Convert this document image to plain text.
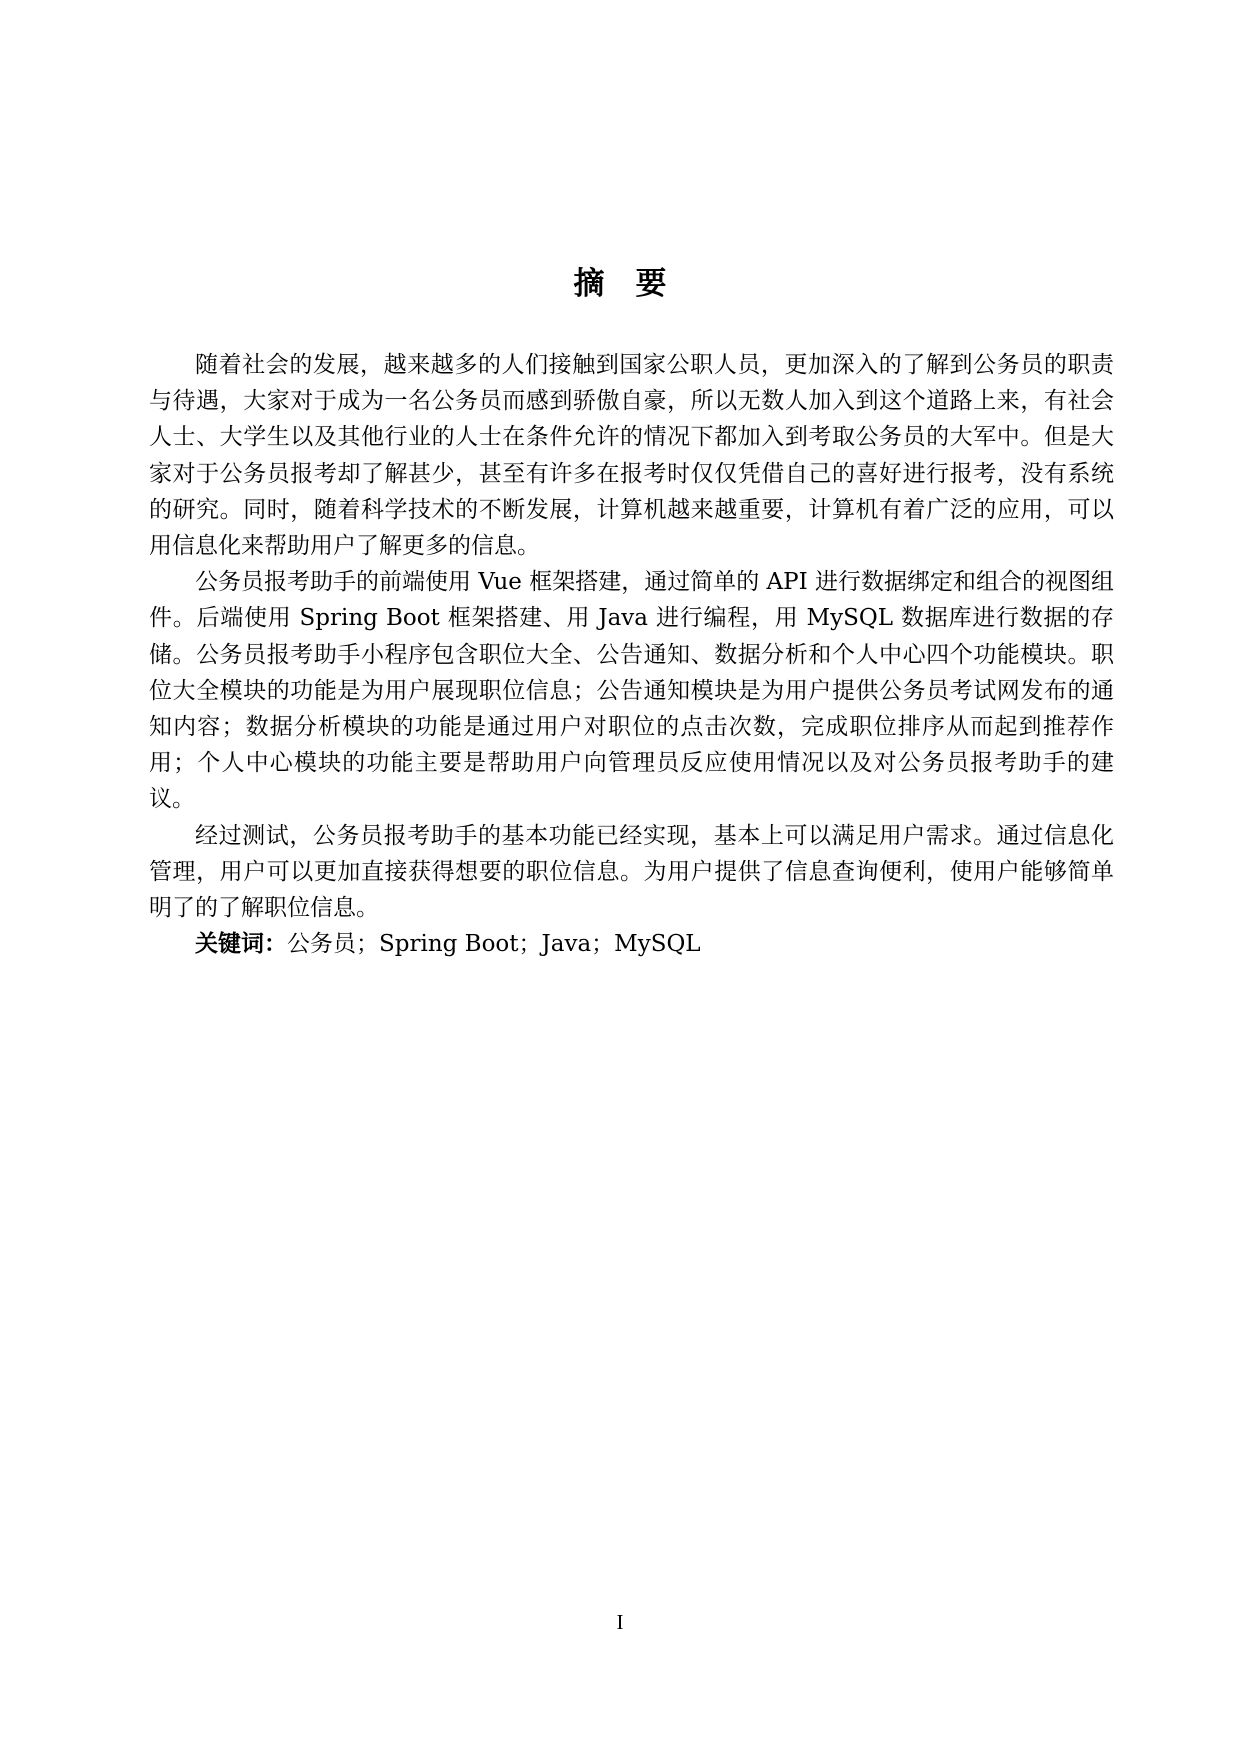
摘　要

随着社会的发展，越来越多的人们接触到国家公职人员，更加深入的了解到公务员的职责与待遇，大家对于成为一名公务员而感到骄傲自豪，所以无数人加入到这个道路上来，有社会人士、大学生以及其他行业的人士在条件允许的情况下都加入到考取公务员的大军中。但是大家对于公务员报考却了解甚少，甚至有许多在报考时仅仅凭借自己的喜好进行报考，没有系统的研究。同时，随着科学技术的不断发展，计算机越来越重要，计算机有着广泛的应用，可以用信息化来帮助用户了解更多的信息。

公务员报考助手的前端使用 Vue 框架搭建，通过简单的 API 进行数据绑定和组合的视图组件。后端使用 Spring Boot 框架搭建、用 Java 进行编程，用 MySQL 数据库进行数据的存储。公务员报考助手小程序包含职位大全、公告通知、数据分析和个人中心四个功能模块。职位大全模块的功能是为用户展现职位信息；公告通知模块是为用户提供公务员考试网发布的通知内容；数据分析模块的功能是通过用户对职位的点击次数，完成职位排序从而起到推荐作用；个人中心模块的功能主要是帮助用户向管理员反应使用情况以及对公务员报考助手的建议。

经过测试，公务员报考助手的基本功能已经实现，基本上可以满足用户需求。通过信息化管理，用户可以更加直接获得想要的职位信息。为用户提供了信息查询便利，使用户能够简单明了的了解职位信息。

关键词：公务员；Spring Boot；Java；MySQL

I
